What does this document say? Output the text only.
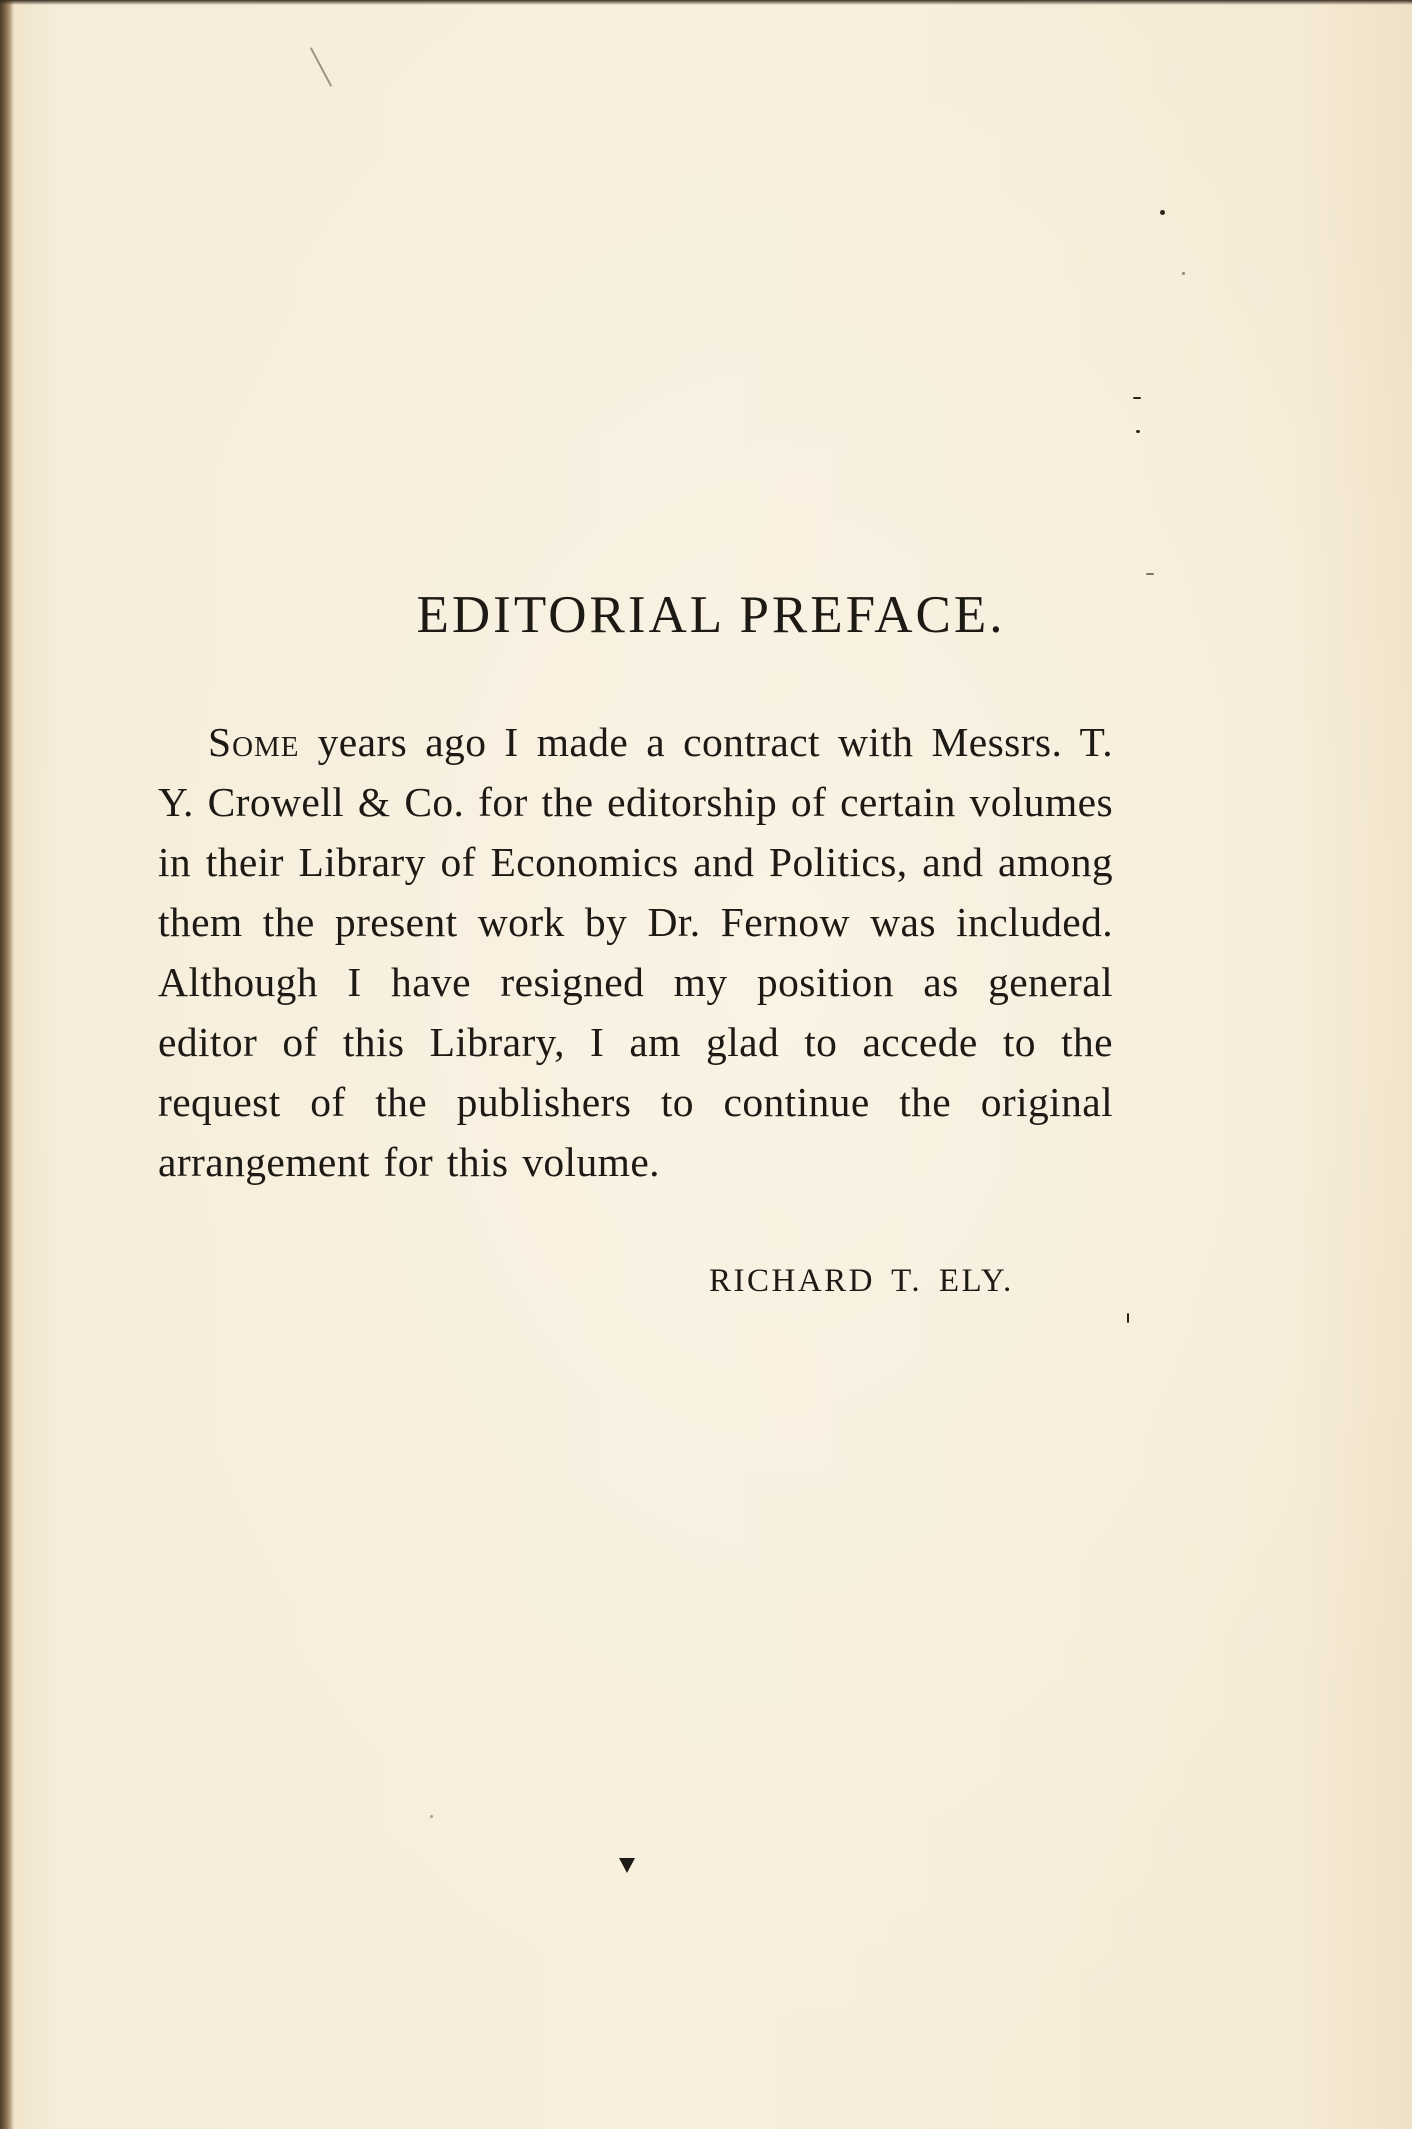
EDITORIAL PREFACE.

Some years ago I made a contract with Messrs. T. Y. Crowell & Co. for the editorship of certain volumes in their Library of Economics and Politics, and among them the present work by Dr. Fernow was included. Although I have resigned my position as general editor of this Library, I am glad to accede to the request of the publishers to continue the original arrangement for this volume.

RICHARD T. ELY.
